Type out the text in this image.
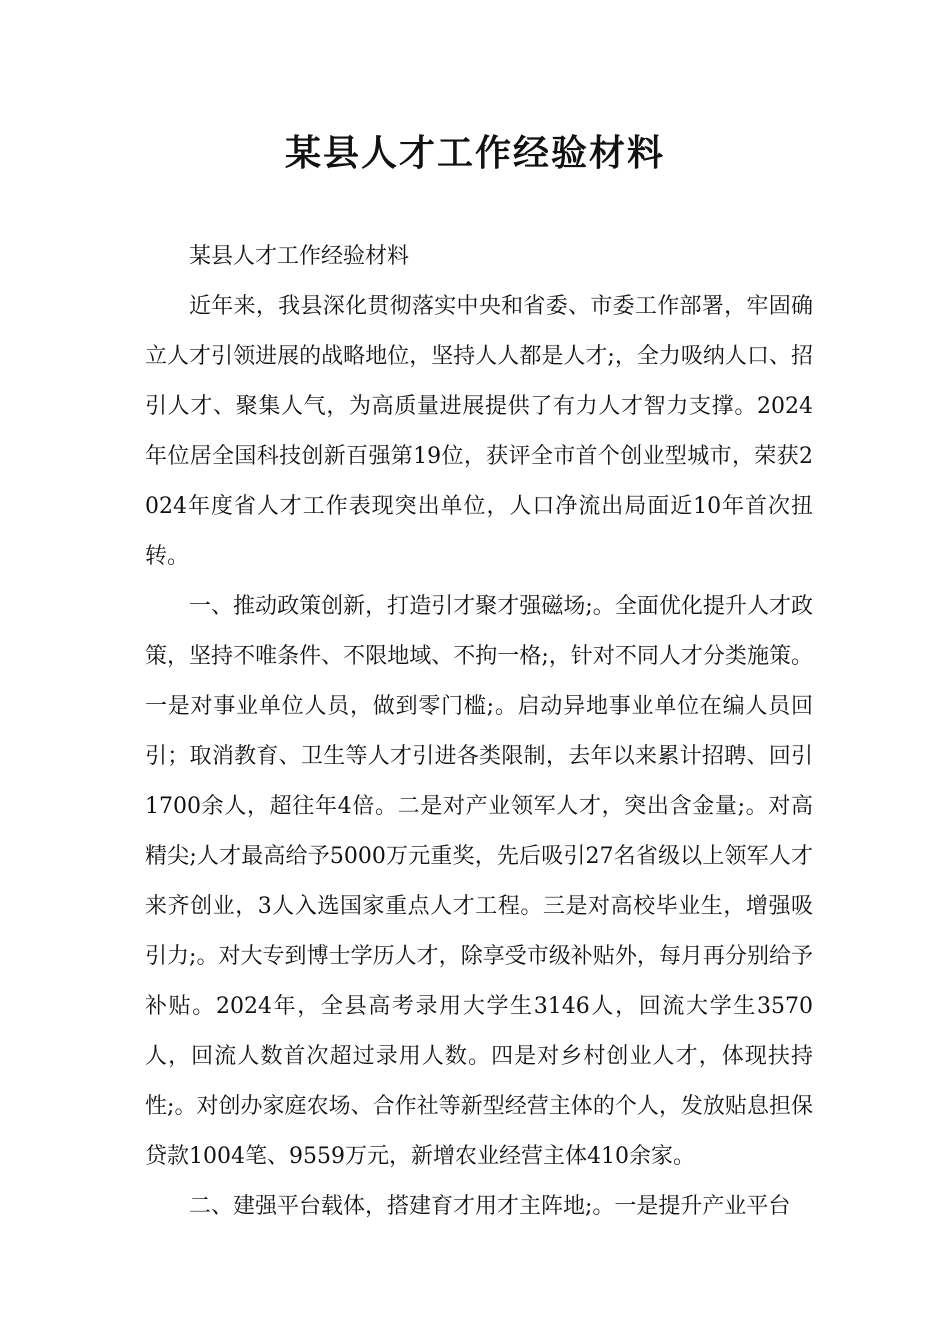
某县人才工作经验材料

某县人才工作经验材料

近年来，我县深化贯彻落实中央和省委、市委工作部署，牢固确立人才引领进展的战略地位，坚持人人都是人才;，全力吸纳人口、招引人才、聚集人气，为高质量进展提供了有力人才智力支撑。2024年位居全国科技创新百强第19位，获评全市首个创业型城市，荣获2024年度省人才工作表现突出单位，人口净流出局面近10年首次扭转。

一、推动政策创新，打造引才聚才强磁场;。全面优化提升人才政策，坚持不唯条件、不限地域、不拘一格;，针对不同人才分类施策。一是对事业单位人员，做到零门槛;。启动异地事业单位在编人员回引；取消教育、卫生等人才引进各类限制，去年以来累计招聘、回引1700余人，超往年4倍。二是对产业领军人才，突出含金量;。对高精尖;人才最高给予5000万元重奖，先后吸引27名省级以上领军人才来齐创业，3人入选国家重点人才工程。三是对高校毕业生，增强吸引力;。对大专到博士学历人才，除享受市级补贴外，每月再分别给予补贴。2024年，全县高考录用大学生3146人，回流大学生3570人，回流人数首次超过录用人数。四是对乡村创业人才，体现扶持性;。对创办家庭农场、合作社等新型经营主体的个人，发放贴息担保贷款1004笔、9559万元，新增农业经营主体410余家。

二、建强平台载体，搭建育才用才主阵地;。一是提升产业平台
